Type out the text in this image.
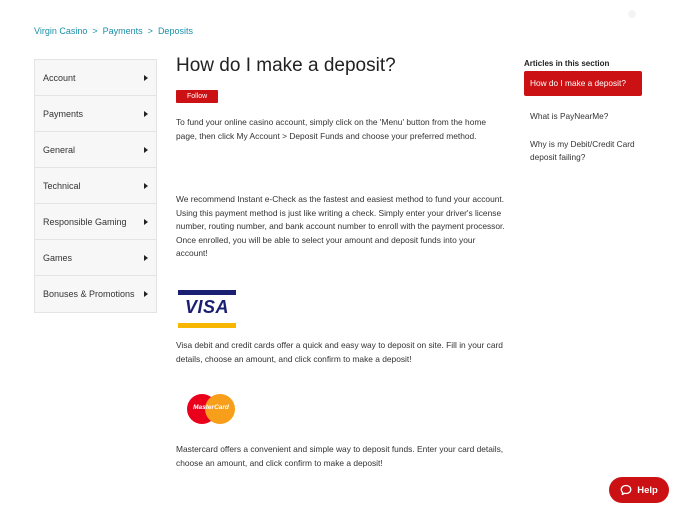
Virgin Casino > Payments > Deposits
Account
Payments
General
Technical
Responsible Gaming
Games
Bonuses & Promotions
How do I make a deposit?
Follow

To fund your online casino account, simply click on the 'Menu' button from the home page, then click My Account > Deposit Funds and choose your preferred method.

We recommend Instant e-Check as the fastest and easiest method to fund your account. Using this payment method is just like writing a check. Simply enter your driver's license number, routing number, and bank account number to enroll with the payment processor. Once enrolled, you will be able to select your amount and deposit funds into your account!

VISA

Visa debit and credit cards offer a quick and easy way to deposit on site. Fill in your card details, choose an amount, and click confirm to make a deposit!

MasterCard

Mastercard offers a convenient and simple way to deposit funds. Enter your card details, choose an amount, and click confirm to make a deposit!

Articles in this section
How do I make a deposit?
What is PayNearMe?
Why is my Debit/Credit Card deposit failing?
Help
